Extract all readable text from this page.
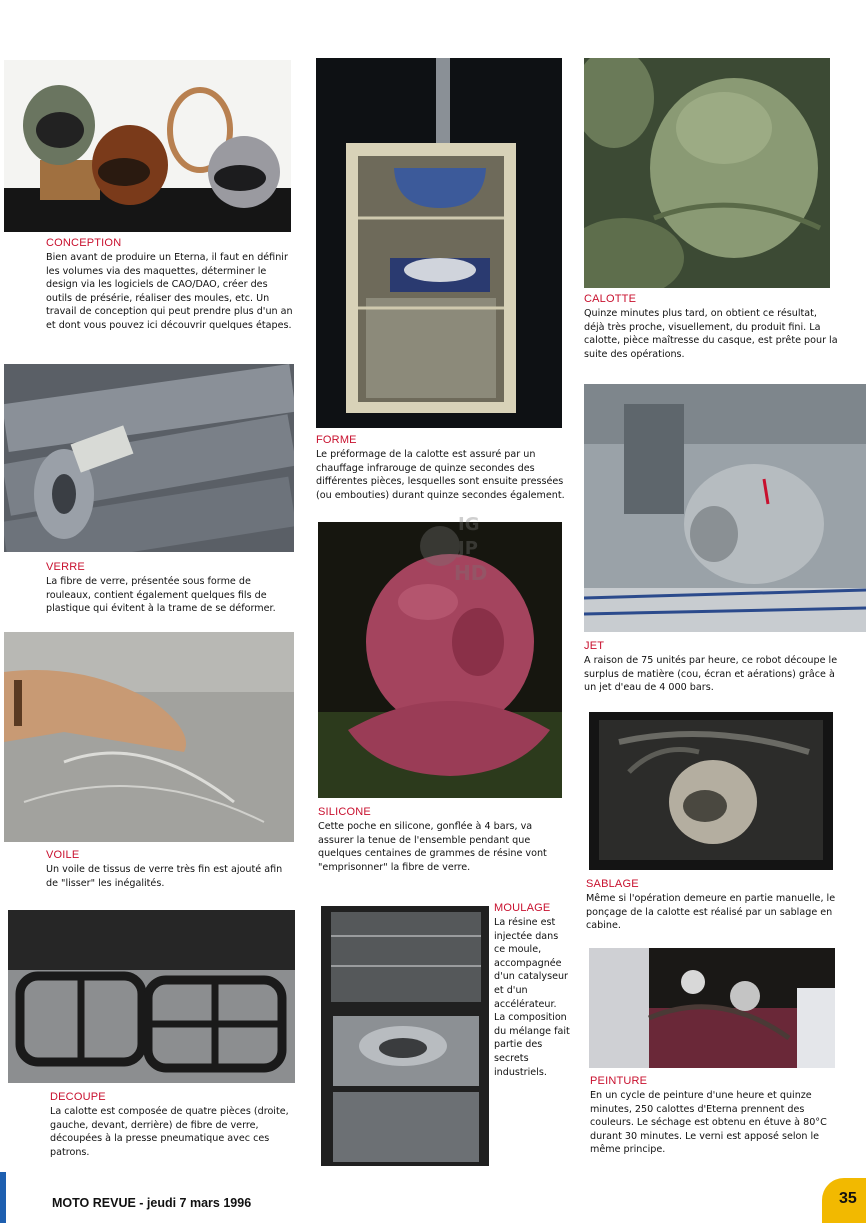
CONCEPTION
Bien avant de produire un Eterna, il faut en définir les volumes via des maquettes, déterminer le design via les logiciels de CAO/DAO, créer des outils de présérie, réaliser des moules, etc. Un travail de conception qui peut prendre plus d'un an et dont vous pouvez ici découvrir quelques étapes.
VERRE
La fibre de verre, présentée sous forme de rouleaux, contient également quelques fils de plastique qui évitent à la trame de se déformer.
VOILE
Un voile de tissus de verre très fin est ajouté afin de "lisser" les inégalités.
DECOUPE
La calotte est composée de quatre pièces (droite, gauche, devant, derrière) de fibre de verre, découpées à la presse pneumatique avec ces patrons.
FORME
Le préformage de la calotte est assuré par un chauffage infrarouge de quinze secondes des différentes pièces, lesquelles sont ensuite pressées (ou embouties) durant quinze secondes également.
SILICONE
Cette poche en silicone, gonflée à 4 bars, va assurer la tenue de l'ensemble pendant que quelques centaines de grammes de résine vont "emprisonner" la fibre de verre.
IG
JP
HD
MOULAGE
La résine est injectée dans ce moule, accompagnée d'un catalyseur et d'un accélérateur. La composition du mélange fait partie des secrets industriels.
CALOTTE
Quinze minutes plus tard, on obtient ce résultat, déjà très proche, visuellement, du produit fini. La calotte, pièce maîtresse du casque, est prête pour la suite des opérations.
JET
A raison de 75 unités par heure, ce robot découpe le surplus de matière (cou, écran et aérations) grâce à un jet d'eau de 4 000 bars.
SABLAGE
Même si l'opération demeure en partie manuelle, le ponçage de la calotte est réalisé par un sablage en cabine.
PEINTURE
En un cycle de peinture d'une heure et quinze minutes, 250 calottes d'Eterna prennent des couleurs. Le séchage est obtenu en étuve à 80°C durant 30 minutes. Le verni est apposé selon le même principe.
MOTO REVUE - jeudi 7 mars 1996	35
